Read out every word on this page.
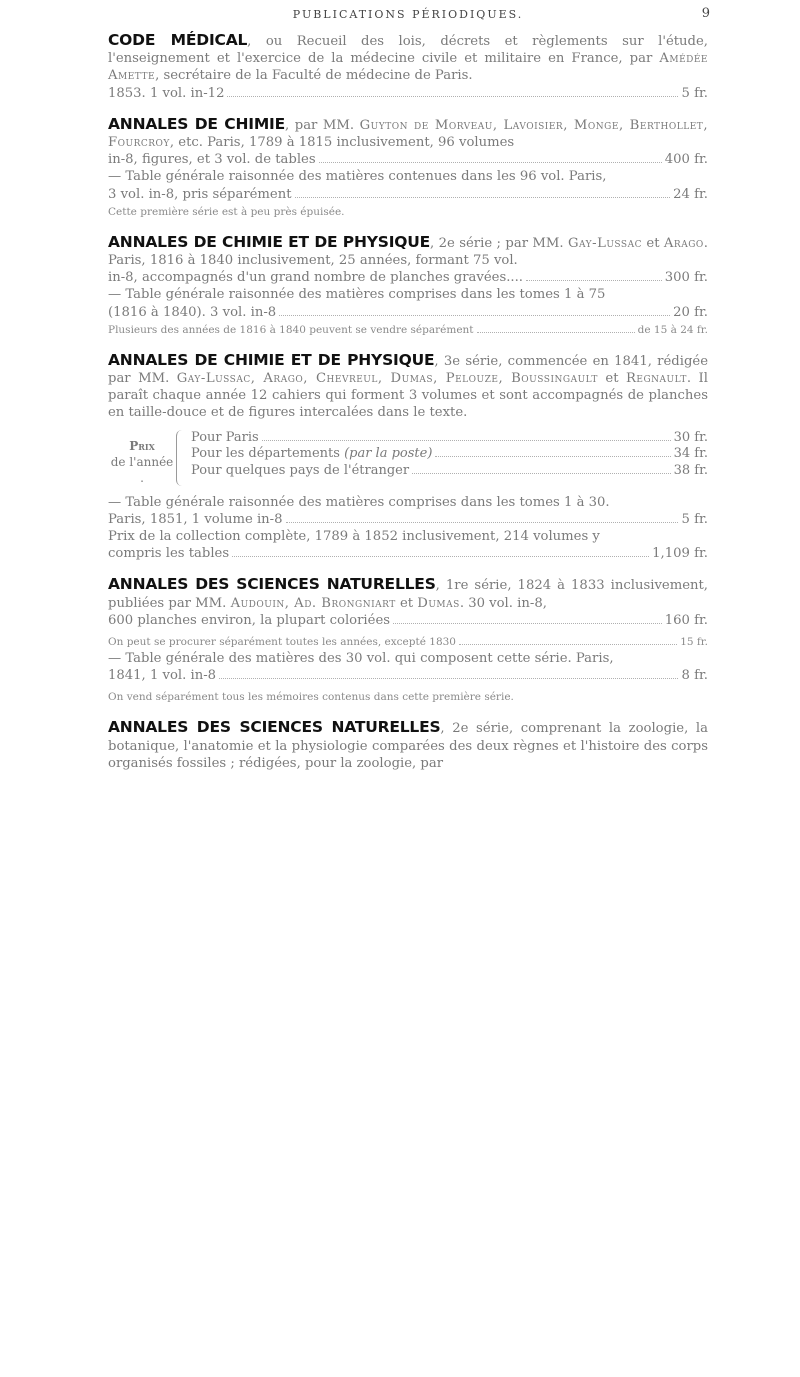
PUBLICATIONS PÉRIODIQUES.	9

CODE MÉDICAL, ou Recueil des lois, décrets et règlements sur l'étude, l'enseignement et l'exercice de la médecine civile et militaire en France, par Amédée Amette, secrétaire de la Faculté de médecine de Paris.

1853. 1 vol. in-12	5 fr.

ANNALES DE CHIMIE, par MM. Guyton de Morveau, Lavoisier, Monge, Berthollet, Fourcroy, etc. Paris, 1789 à 1815 inclusivement, 96 volumes

in-8, figures, et 3 vol. de tables	400 fr.

— Table générale raisonnée des matières contenues dans les 96 vol. Paris,

3 vol. in-8, pris séparément	24 fr.
Cette première série est à peu près épuisée.

ANNALES DE CHIMIE ET DE PHYSIQUE, 2e série ; par MM. Gay-Lussac et Arago. Paris, 1816 à 1840 inclusivement, 25 années, formant 75 vol.

in-8, accompagnés d'un grand nombre de planches gravées....	300 fr.

— Table générale raisonnée des matières comprises dans les tomes 1 à 75

(1816 à 1840). 3 vol. in-8	20 fr.
Plusieurs des années de 1816 à 1840 peuvent se vendre séparément	de 15 à 24 fr.

ANNALES DE CHIMIE ET DE PHYSIQUE, 3e série, commencée en 1841, rédigée par MM. Gay-Lussac, Arago, Chevreul, Dumas, Pelouze, Boussingault et Regnault. Il paraît chaque année 12 cahiers qui forment 3 volumes et sont accompagnés de planches en taille-douce et de figures intercalées dans le texte.

Prix
de l'année .
Pour Paris	30 fr.
Pour les départements (par la poste)	34 fr.
Pour quelques pays de l'étranger	38 fr.

— Table générale raisonnée des matières comprises dans les tomes 1 à 30.

Paris, 1851, 1 volume in-8	5 fr.

Prix de la collection complète, 1789 à 1852 inclusivement, 214 volumes y

compris les tables	1,109 fr.

ANNALES DES SCIENCES NATURELLES, 1re série, 1824 à 1833 inclusivement, publiées par MM. Audouin, Ad. Brongniart et Dumas. 30 vol. in-8,

600 planches environ, la plupart coloriées	160 fr.
On peut se procurer séparément toutes les années, excepté 1830	15 fr.

— Table générale des matières des 30 vol. qui composent cette série. Paris,

1841, 1 vol. in-8	8 fr.
On vend séparément tous les mémoires contenus dans cette première série.

ANNALES DES SCIENCES NATURELLES, 2e série, comprenant la zoologie, la botanique, l'anatomie et la physiologie comparées des deux règnes et l'histoire des corps organisés fossiles ; rédigées, pour la zoologie, par
